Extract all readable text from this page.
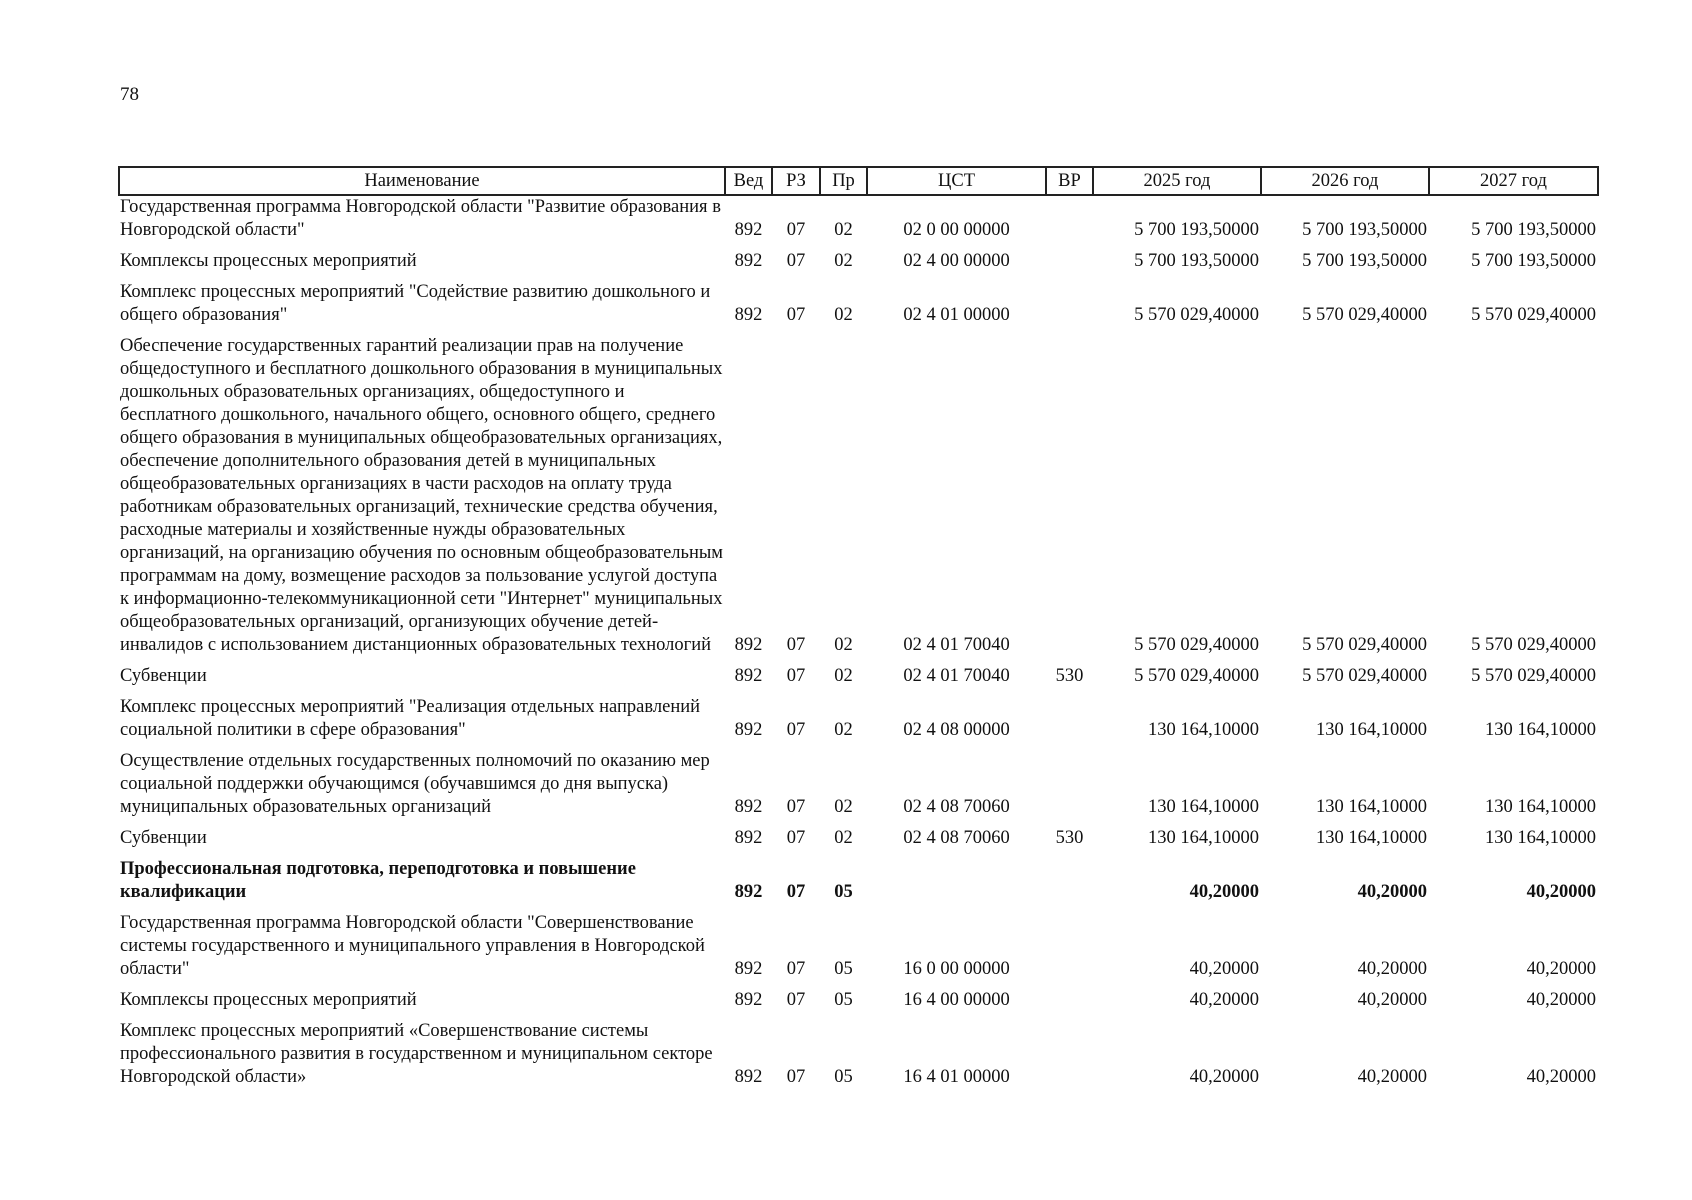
78
Наименование	Вед	РЗ	Пр	ЦСТ	ВР	2025 год	2026 год	2027 год
Государственная программа Новгородской области "Развитие образования в Новгородской области"	892	07	02	02 0 00 00000		5 700 193,50000	5 700 193,50000	5 700 193,50000
Комплексы процессных мероприятий	892	07	02	02 4 00 00000		5 700 193,50000	5 700 193,50000	5 700 193,50000
Комплекс процессных мероприятий "Содействие развитию дошкольного и общего образования"	892	07	02	02 4 01 00000		5 570 029,40000	5 570 029,40000	5 570 029,40000
Обеспечение государственных гарантий реализации прав на получение общедоступного и бесплатного дошкольного образования в муниципальных дошкольных образовательных организациях, общедоступного и бесплатного дошкольного, начального общего, основного общего, среднего общего образования в муниципальных общеобразовательных организациях, обеспечение дополнительного образования детей в муниципальных общеобразовательных организациях в части расходов на оплату труда работникам образовательных организаций, технические средства обучения, расходные материалы и хозяйственные нужды образовательных организаций, на организацию обучения по основным общеобразовательным программам на дому, возмещение расходов за пользование услугой доступа к информационно-телекоммуникационной сети "Интернет" муниципальных общеобразовательных организаций, организующих обучение детей-инвалидов с использованием дистанционных образовательных технологий	892	07	02	02 4 01 70040		5 570 029,40000	5 570 029,40000	5 570 029,40000
Субвенции	892	07	02	02 4 01 70040	530	5 570 029,40000	5 570 029,40000	5 570 029,40000
Комплекс процессных мероприятий "Реализация отдельных направлений социальной политики в сфере образования"	892	07	02	02 4 08 00000		130 164,10000	130 164,10000	130 164,10000
Осуществление отдельных государственных полномочий по оказанию мер социальной поддержки обучающимся (обучавшимся до дня выпуска) муниципальных образовательных организаций	892	07	02	02 4 08 70060		130 164,10000	130 164,10000	130 164,10000
Субвенции	892	07	02	02 4 08 70060	530	130 164,10000	130 164,10000	130 164,10000
Профессиональная подготовка, переподготовка и повышение квалификации	892	07	05			40,20000	40,20000	40,20000
Государственная программа Новгородской области "Совершенствование системы государственного и муниципального управления в Новгородской области"	892	07	05	16 0 00 00000		40,20000	40,20000	40,20000
Комплексы процессных мероприятий	892	07	05	16 4 00 00000		40,20000	40,20000	40,20000
Комплекс процессных мероприятий «Совершенствование системы профессионального развития в государственном и муниципальном секторе Новгородской области»	892	07	05	16 4 01 00000		40,20000	40,20000	40,20000
